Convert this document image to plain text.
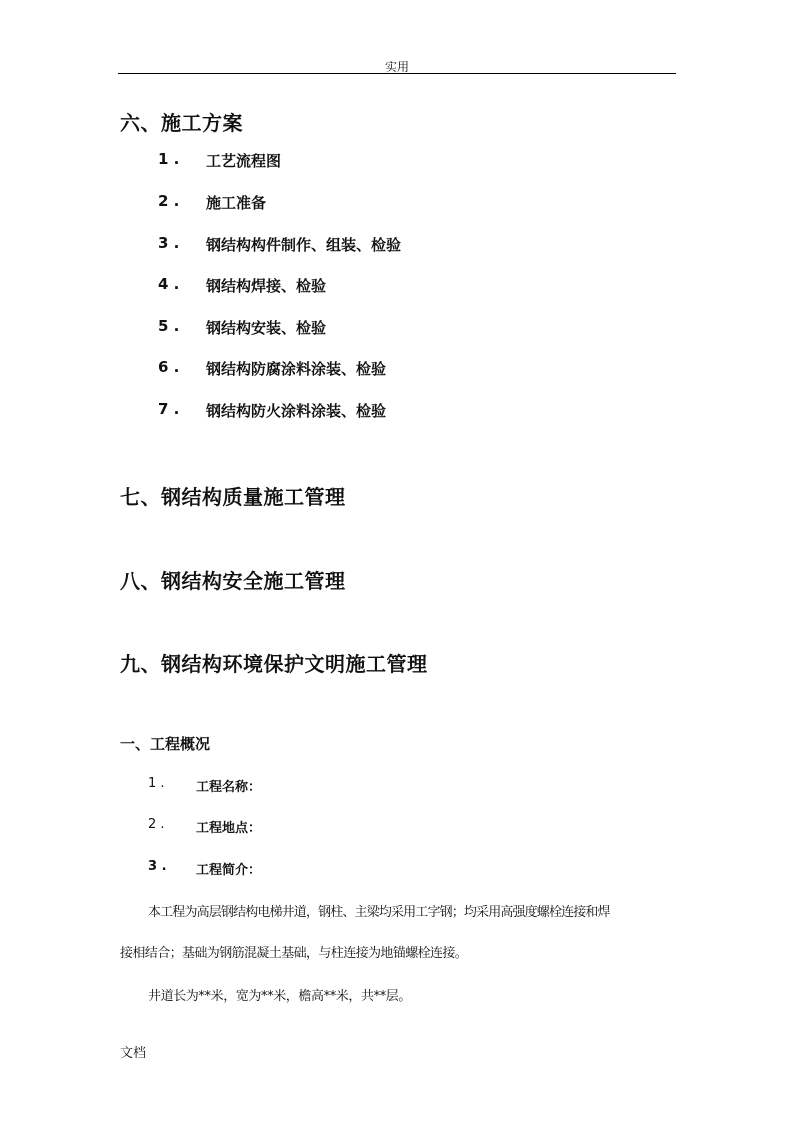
实用
六、施工方案
1 . 工艺流程图
2 . 施工准备
3 . 钢结构构件制作、组装、检验
4 . 钢结构焊接、检验
5 . 钢结构安装、检验
6 . 钢结构防腐涂料涂装、检验
7 . 钢结构防火涂料涂装、检验
七、钢结构质量施工管理
八、钢结构安全施工管理
九、钢结构环境保护文明施工管理
一、工程概况
1 . 工程名称：
2 . 工程地点：
3 . 工程简介：
本工程为高层钢结构电梯井道，钢柱、主梁均采用工字钢；均采用高强度螺栓连接和焊
接相结合；基础为钢筋混凝土基础，与柱连接为地锚螺栓连接。
井道长为**米，宽为**米，檐高**米，共**层。
文档
